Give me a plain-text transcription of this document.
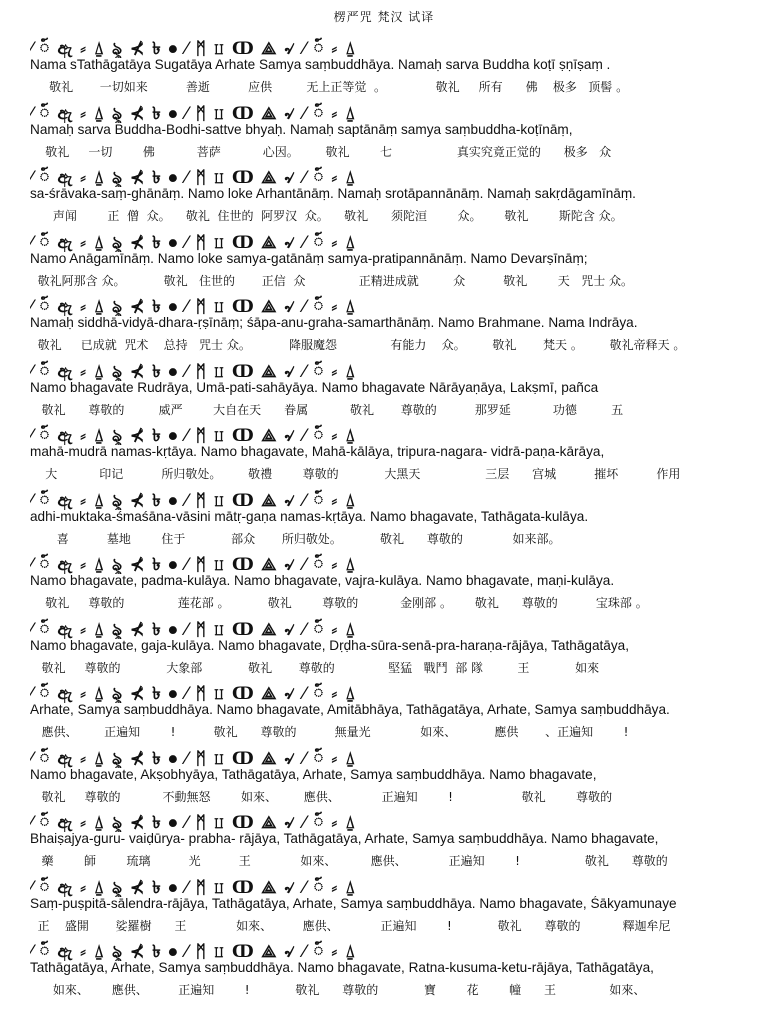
楞严咒 梵汉 试译
⁄ ៍ ඇ ⸗ ⍙ ৡ ⊀ ৳ ⦁ ⁄ ᛗ ⨿ ↀ ⟁ ৵ ⁄ ៍ ⸗ ⍙
Nama sTathāgatāya Sugatāya Arhate Samya saṃbuddhāya. Namaḥ sarva Buddha koṭī ṣṇīṣaṃ .
敬礼       一切如来          善逝          应供         无上正等觉  。             敬礼     所有      佛    极多   顶髻 。
⁄ ៍ ඇ ⸗ ⍙ ৡ ⊀ ৳ ⦁ ⁄ ᛗ ⨿ ↀ ⟁ ৵ ⁄ ៍ ⸗ ⍙
Namaḥ sarva Buddha-Bodhi-sattve bhyaḥ. Namaḥ saptānāṃ samya saṃbuddha-koṭīnāṃ,
敬礼     一切        佛           菩萨           心因。       敬礼        七                 真实究竟正觉的      极多   众
⁄ ៍ ඇ ⸗ ⍙ ৡ ⊀ ৳ ⦁ ⁄ ᛗ ⨿ ↀ ⟁ ৵ ⁄ ៍ ⸗ ⍙
sa-śrāvaka-saṃ-ghānāṃ. Namo loke Arhantānāṃ. Namaḥ srotāpannānāṃ. Namaḥ sakṛdāgamīnāṃ.
声闻        正  僧  众。    敬礼  住世的  阿罗汉  众。    敬礼      须陀洹        众。      敬礼        斯陀含 众。
⁄ ៍ ඇ ⸗ ⍙ ৡ ⊀ ৳ ⦁ ⁄ ᛗ ⨿ ↀ ⟁ ৵ ⁄ ៍ ⸗ ⍙
Namo Anāgamīnāṃ. Namo loke samya-gatānāṃ samya-pratipannānāṃ. Namo Devarṣīnāṃ;
敬礼阿那含 众。          敬礼   住世的       正信  众              正精进成就         众          敬礼        天   咒士 众。
⁄ ៍ ඇ ⸗ ⍙ ৡ ⊀ ৳ ⦁ ⁄ ᛗ ⨿ ↀ ⟁ ৵ ⁄ ៍ ⸗ ⍙
Namaḥ siddhā-vidyā-dhara-ṛṣīnāṃ; śāpa-anu-graha-samarthānāṃ. Namo Brahmane. Nama Indrāya.
敬礼     已成就  咒术    总持   咒士 众。          降服魔怨              有能力    众。       敬礼       梵天 。       敬礼帝释天 。
⁄ ៍ ඇ ⸗ ⍙ ৡ ⊀ ৳ ⦁ ⁄ ᛗ ⨿ ↀ ⟁ ৵ ⁄ ៍ ⸗ ⍙
Namo bhagavate Rudrāya, Umā-pati-sahāyāya. Namo bhagavate Nārāyaṇāya, Lakṣmī, pañca
敬礼      尊敬的         威严        大自在天      眷属           敬礼       尊敬的          那罗延           功德         五
⁄ ៍ ඇ ⸗ ⍙ ৡ ⊀ ৳ ⦁ ⁄ ᛗ ⨿ ↀ ⟁ ৵ ⁄ ៍ ⸗ ⍙
mahā-mudrā namas-kṛtāya. Namo bhagavate, Mahā-kālāya, tripura-nagara- vidrā-paṇa-kārāya,
大           印记          所归敬处。       敬禮        尊敬的            大黑天                 三层      宫城          摧坏          作用
⁄ ៍ ඇ ⸗ ⍙ ৡ ⊀ ৳ ⦁ ⁄ ᛗ ⨿ ↀ ⟁ ৵ ⁄ ៍ ⸗ ⍙
adhi-muktaka-śmaśāna-vāsini mātṛ-gaṇa namas-kṛtāya. Namo bhagavate, Tathāgata-kulāya.
喜          墓地        住于            部众       所归敬处。          敬礼      尊敬的             如来部。
⁄ ៍ ඇ ⸗ ⍙ ৡ ⊀ ৳ ⦁ ⁄ ᛗ ⨿ ↀ ⟁ ৵ ⁄ ៍ ⸗ ⍙
Namo bhagavate, padma-kulāya. Namo bhagavate, vajra-kulāya. Namo bhagavate, maṇi-kulāya.
敬礼     尊敬的              莲花部 。          敬礼        尊敬的           金刚部 。      敬礼      尊敬的          宝珠部 。
⁄ ៍ ඇ ⸗ ⍙ ৡ ⊀ ৳ ⦁ ⁄ ᛗ ⨿ ↀ ⟁ ৵ ⁄ ៍ ⸗ ⍙
Namo bhagavate, gaja-kulāya. Namo bhagavate, Dṛḍha-sūra-senā-pra-haraṇa-rājāya, Tathāgatāya,
敬礼     尊敬的            大象部            敬礼       尊敬的              堅猛   戰鬥  部 隊         王            如來
⁄ ៍ ඇ ⸗ ⍙ ৡ ⊀ ৳ ⦁ ⁄ ᛗ ⨿ ↀ ⟁ ৵ ⁄ ៍ ⸗ ⍙
Arhate, Samya saṃbuddhāya. Namo bhagavate, Amitābhāya, Tathāgatāya, Arhate, Samya saṃbuddhāya.
應供、       正遍知        !          敬礼      尊敬的          無量光             如來、          應供       、正遍知        !
⁄ ៍ ඇ ⸗ ⍙ ৡ ⊀ ৳ ⦁ ⁄ ᛗ ⨿ ↀ ⟁ ৵ ⁄ ៍ ⸗ ⍙
Namo bhagavate, Akṣobhyāya, Tathāgatāya, Arhate, Samya saṃbuddhāya. Namo bhagavate,
敬礼     尊敬的           不動無怒        如來、       應供、           正遍知        !                  敬礼        尊敬的
⁄ ៍ ඇ ⸗ ⍙ ৡ ⊀ ৳ ⦁ ⁄ ᛗ ⨿ ↀ ⟁ ৵ ⁄ ៍ ⸗ ⍙
Bhaiṣajya-guru- vaiḍūrya- prabha- rājāya, Tathāgatāya, Arhate, Samya saṃbuddhāya. Namo bhagavate,
藥        師        琉璃          光          王             如來、         應供、           正遍知        !                 敬礼      尊敬的
⁄ ៍ ඇ ⸗ ⍙ ৡ ⊀ ৳ ⦁ ⁄ ᛗ ⨿ ↀ ⟁ ৵ ⁄ ៍ ⸗ ⍙
Saṃ-puṣpitā-sālendra-rājāya, Tathāgatāya, Arhate, Samya saṃbuddhāya. Namo bhagavate, Śākyamunaye
正    盛開       娑羅樹      王             如來、        應供、           正遍知        !            敬礼      尊敬的           釋迦牟尼
⁄ ៍ ඇ ⸗ ⍙ ৡ ⊀ ৳ ⦁ ⁄ ᛗ ⨿ ↀ ⟁ ৵ ⁄ ៍ ⸗ ⍙
Tathāgatāya, Arhate, Samya saṃbuddhāya. Namo bhagavate, Ratna-kusuma-ketu-rājāya, Tathāgatāya,
如來、      應供、        正遍知        !            敬礼      尊敬的            寶        花        幢      王              如來、
